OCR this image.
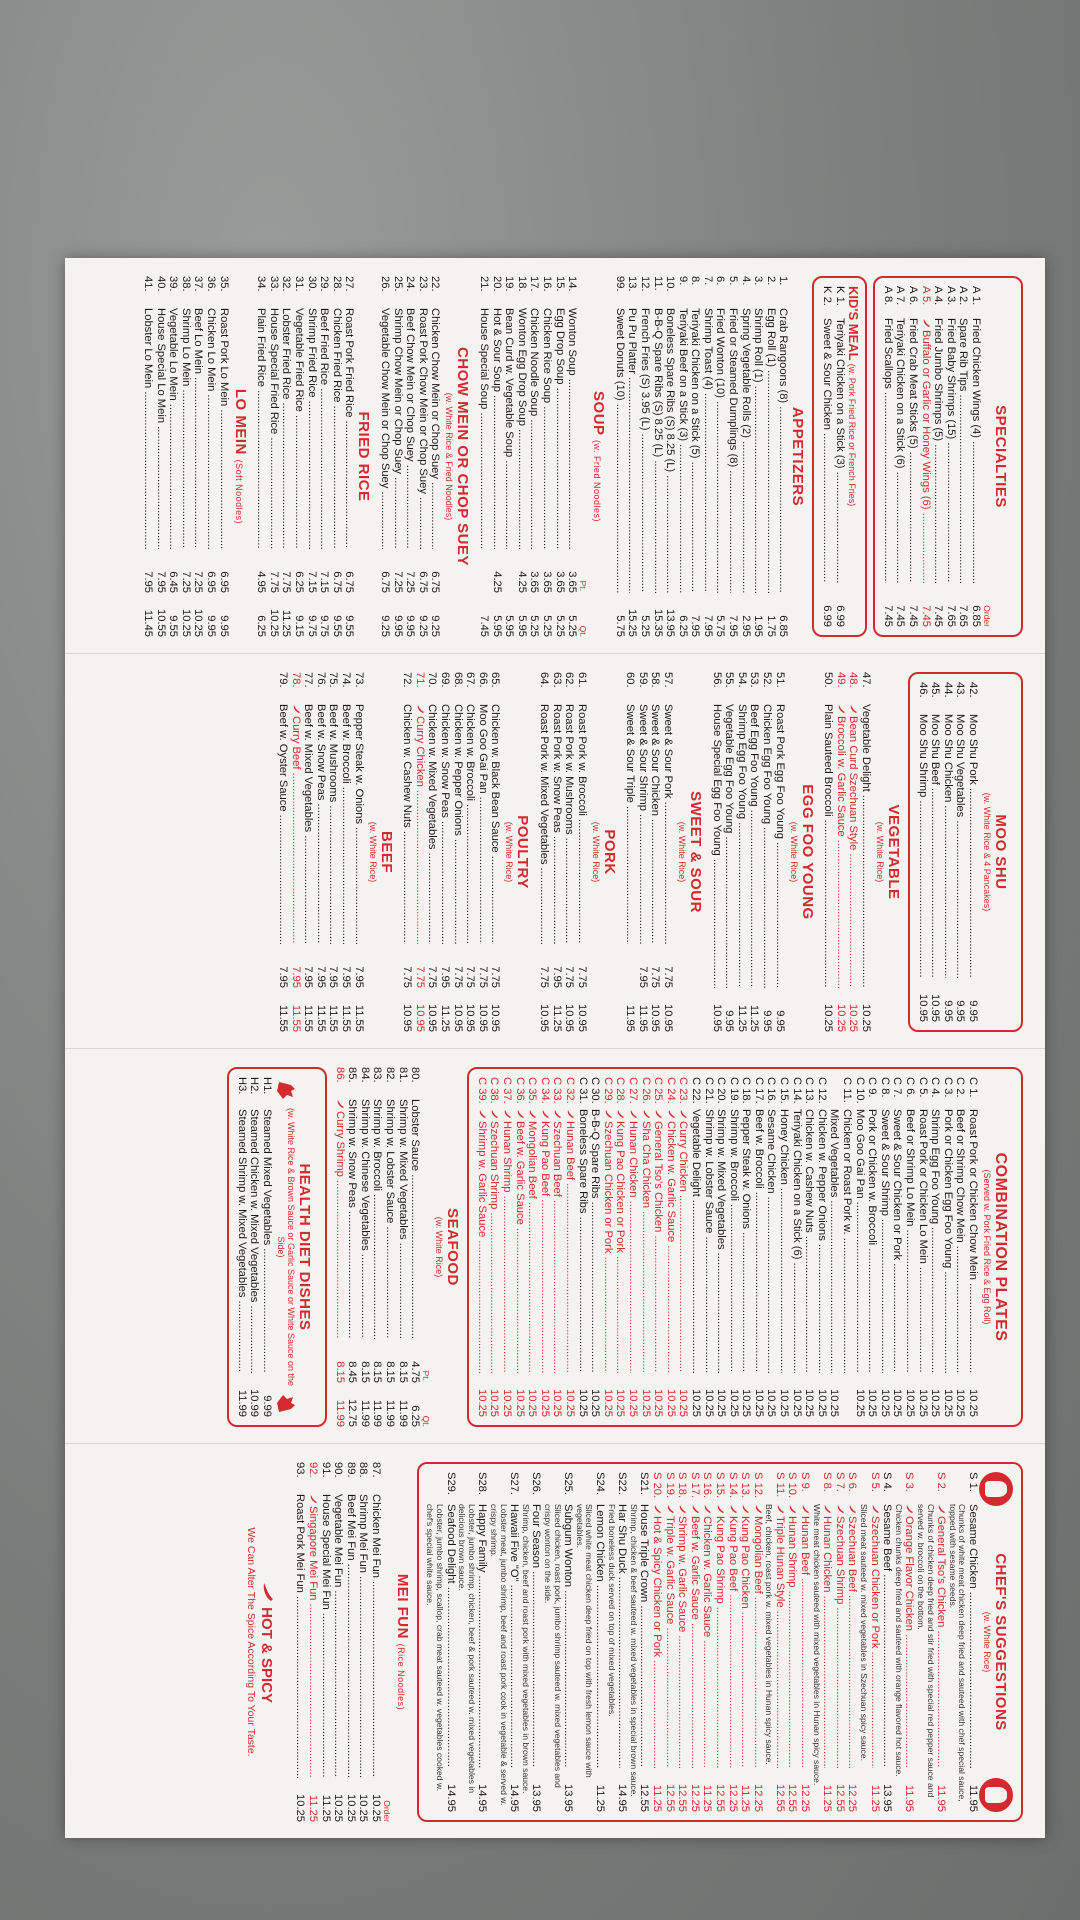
SPECIALTIES
Order
A 1.
Fried Chicken Wings (4) .....
6.85
A 2.
Spare Rib Tips .....
7.65
A 3.
Fried Baby Shrimps (15) .....
7.65
A 4.
Fried Jumbo Shrimps (5) .....
7.45
A 5.
Buffalo or Garlic or Honey Wings (6) .....
7.45
A 6.
Fried Crab Meat Sticks (5) .....
7.45
A 7.
Teriyaki Chicken on a Stick (6) .....
7.45
A 8.
Fried Scallops .....
7.45
KID'S MEAL (w. Pork Fried Rice or French Fries)
K 1.
Teriyaki Chicken on a Stick (3) .....
6.99
K 2.
Sweet & Sour Chicken .....
6.99
APPETIZERS
1.
Crab Rangoons (8) .....
6.85
2.
Egg Roll (1) .....
1.75
3.
Shrimp Roll (1) .....
1.95
4.
Spring Vegetable Rolls (2) .....
2.95
5.
Fried or Steamed Dumplings (8) .....
7.95
6.
Fried Wonton (10) .....
5.75
7.
Shrimp Toast (4) .....
7.95
8.
Teriyaki Chicken on a Stick (5) .....
7.95
9.
Teriyaki Beef on a Stick (3) .....
6.25
10.
Boneless Spare Ribs (S) 8.25 (L) .....
13.95
11.
B-B-Q Spare Ribs (S) 8.25 (L) .....
15.35
12.
French Fries (S) 3.95 (L) .....
5.25
13.
Pu Pu Platter .....
15.25
99.
Sweet Donuts (10) .....
5.75
SOUP (w. Fried Noodles)
Pt.
Qt.
14.
Wonton Soup .....
3.65
5.25
15.
Egg Drop Soup .....
3.65
5.25
16.
Chicken Rice Soup .....
3.65
5.25
17.
Chicken Noodle Soup .....
3.65
5.25
18.
Wonton Egg Drop Soup .....
4.25
5.95
19.
Bean Curd w. Vegetable Soup .....
5.95
20.
Hot & Sour Soup .....
4.25
5.95
21.
House Special Soup .....
7.45
CHOW MEIN OR CHOP SUEY
(w. White Rice & Fried Noodles)
22.
Chicken Chow Mein or Chop Suey .....
6.75
9.25
23.
Roast Pork Chow Mein or Chop Suey .....
6.75
9.25
24.
Beef Chow Mein or Chop Suey .....
7.25
9.95
25.
Shrimp Chow Mein or Chop Suey .....
7.25
9.95
26.
Vegetable Chow Mein or Chop Suey .....
6.75
9.25
FRIED RICE
27.
Roast Pork Fried Rice .....
6.75
9.55
28.
Chicken Fried Rice .....
6.75
9.55
29.
Beef Fried Rice .....
7.15
9.75
30.
Shrimp Fried Rice .....
7.15
9.75
31.
Vegetable Fried Rice .....
6.25
9.15
32.
Lobster Fried Rice .....
7.75
11.25
33.
House Special Fried Rice .....
7.75
10.25
34.
Plain Fried Rice .....
4.95
6.25
LO MEIN (Soft Noodles)
35.
Roast Pork Lo Mein .....
6.95
9.95
36.
Chicken Lo Mein .....
6.95
9.95
37.
Beef Lo Mein .....
7.25
10.25
38.
Shrimp Lo Mein .....
7.25
10.25
39.
Vegetable Lo Mein .....
6.45
9.55
40.
House Special Lo Mein .....
7.95
10.55
41.
Lobster Lo Mein .....
7.95
11.45
MOO SHU
(w. White Rice & 4 Pancakes)
42.
Moo Shu Pork .....
9.95
43.
Moo Shu Vegetables .....
9.95
44.
Moo Shu Chicken .....
9.95
45.
Moo Shu Beef .....
10.95
46.
Moo Shu Shrimp .....
10.95
VEGETABLE
(w. White Rice)
47.
Vegetable Delight .....
10.25
48.
Bean Curd Szechuan Style .....
10.25
49.
Broccoli w. Garlic Sauce .....
10.25
50.
Plain Sauteed Broccoli .....
10.25
EGG FOO YOUNG
(w. White Rice)
51.
Roast Pork Egg Foo Young .....
9.95
52.
Chicken Egg Foo Young .....
9.95
53.
Beef Egg Foo Young .....
11.25
54.
Shrimp Egg Foo Young .....
11.25
55.
Vegetable Egg Foo Young .....
9.95
56.
House Special Egg Foo Young .....
10.95
SWEET & SOUR
(w. White Rice)
57.
Sweet & Sour Pork .....
7.75
10.95
58.
Sweet & Sour Chicken .....
7.75
10.95
59.
Sweet & Sour Shrimp .....
7.95
11.95
60.
Sweet & Sour Triple .....
11.95
PORK
(w. White Rice)
61.
Roast Pork w. Broccoli .....
7.75
10.95
62.
Roast Pork w. Mushrooms .....
7.75
10.95
63.
Roast Pork w. Snow Peas .....
7.95
11.25
64.
Roast Pork w. Mixed Vegetables .....
7.75
10.95
POULTRY
(w. White Rice)
65.
Chicken w. Black Bean Sauce .....
7.75
10.95
66.
Moo Goo Gai Pan .....
7.75
10.95
67.
Chicken w. Broccoli .....
7.75
10.95
68.
Chicken w. Pepper Onions .....
7.75
10.95
69.
Chicken w. Snow Peas .....
7.95
11.25
70.
Chicken w. Mixed Vegetables .....
7.75
10.95
71.
Curry Chicken .....
7.75
10.95
72.
Chicken w. Cashew Nuts .....
7.75
10.95
BEEF
(w. White Rice)
73.
Pepper Steak w. Onions .....
7.95
11.55
74.
Beef w. Broccoli .....
7.95
11.55
75.
Beef w. Mushrooms .....
7.95
11.55
76.
Beef w. Snow Peas .....
7.95
11.55
77.
Beef w. Mixed Vegetables .....
7.95
11.55
78.
Curry Beef .....
7.95
11.55
79.
Beef w. Oyster Sauce .....
7.95
11.55
COMBINATION PLATES
(Served w. Pork Fried Rice & Egg Roll)
C 1.
Roast Pork or Chicken Chow Mein .....
10.25
C 2.
Beef or Shrimp Chow Mein .....
10.25
C 3.
Pork or Chicken Egg Foo Young .....
10.25
C 4.
Shrimp Egg Foo Young .....
10.25
C 5.
Roast Pork or Chicken Lo Mein .....
10.25
C 6.
Beef or Shrimp Lo Mein .....
10.25
C 7.
Sweet & Sour Chicken or Pork .....
10.25
C 8.
Sweet & Sour Shrimp .....
10.25
C 9.
Pork or Chicken w. Broccoli .....
10.25
C 10.
Moo Goo Gai Pan .....
10.25
C 11.
Chicken or Roast Pork w. .....
Mixed Vegetables .....
10.25
C 12.
Chicken w. Pepper Onions .....
10.25
C 13.
Chicken w. Cashew Nuts .....
10.25
C 14.
Teriyaki Chicken on a Stick (6) .....
10.25
C 15.
Honey Chicken .....
10.25
C 16.
Sesame Chicken .....
10.25
C 17.
Beef w. Broccoli .....
10.25
C 18.
Pepper Steak w. Onions .....
10.25
C 19.
Shrimp w. Broccoli .....
10.25
C 20.
Shrimp w. Mixed Vegetables .....
10.25
C 21.
Shrimp w. Lobster Sauce .....
10.25
C 22.
Vegetable Delight .....
10.25
C 23.
Curry Chicken .....
10.25
C 24.
Chicken w. Garlic Sauce .....
10.25
C 25.
General Tso's Chicken .....
10.25
C 26.
Sha Cha Chicken .....
10.25
C 27.
Hunan Chicken .....
10.25
C 28.
Kung Pao Chicken or Pork .....
10.25
C 29.
Szechuan Chicken or Pork .....
10.25
C 30.
B-B-Q Spare Ribs .....
10.25
C 31.
Boneless Spare Ribs .....
10.25
C 32.
Hunan Beef .....
10.25
C 33.
Szechuan Beef .....
10.25
C 34.
Kung Pao Beef .....
10.25
C 35.
Mongolian Beef .....
10.25
C 36.
Beef w. Garlic Sauce .....
10.25
C 37.
Hunan Shrimp .....
10.25
C 38.
Szechuan Shrimp .....
10.25
C 39.
Shrimp w. Garlic Sauce .....
10.25
SEAFOOD
(w. White Rice)
Pt.
Qt.
80.
Lobster Sauce .....
4.75
6.25
81.
Shrimp w. Mixed Vegetables .....
8.15
11.99
82.
Shrimp w. Lobster Sauce .....
8.15
11.99
83.
Shrimp w. Broccoli .....
8.15
11.99
84.
Shrimp w. Chinese Vegetables .....
8.15
11.99
85.
Shrimp w. Snow Peas .....
8.45
12.75
86.
Curry Shrimp .....
8.15
11.99
HEALTH DIET DISHES
(w. White Rice & Brown Sauce or Garlic Sauce or White Sauce on the Side)
H1.
Steamed Mixed Vegetables .....
9.99
H2.
Steamed Chicken w. Mixed Vegetables .....
10.99
H3.
Steamed Shrimp w. Mixed Vegetables .....
11.99
CHEF'S SUGGESTIONS
(w. White Rice)
S 1.
Sesame Chicken .....
11.95
Chunks of white meat chicken deep fried and sauteed with chef special sauce, topped with sesame seeds.
S 2.
General Tso's Chicken .....
11.95
Chunks of chicken deep fried and stir fried with special red pepper sauce and served w. broccoli on the bottom.
S 3.
Orange Flavor Chicken .....
11.95
Chicken chunks deep fried and sauteed with orange flavored hot sauce.
S 4.
Sesame Beef .....
13.95
S 5.
Szechuan Chicken or Pork .....
11.25
Sliced meat sauteed w. mixed vegetables in Szechuan spicy sauce.
S 6.
Szechuan Beef .....
12.25
S 7.
Szechuan Shrimp .....
12.55
S 8.
Hunan Chicken .....
11.25
White meat chicken sauteed with mixed vegetables in Hunan spicy sauce.
S 9.
Hunan Beef .....
12.25
S 10.
Hunan Shrimp .....
12.55
S 11.
Triple Hunan Style .....
12.55
Beef, chicken, roast pork w. mixed vegetables in Hunan spicy sauce.
S 12.
Mongolian Beef .....
12.25
S 13.
Kung Pao Chicken .....
11.25
S 14.
Kung Pao Beef .....
12.25
S 15.
Kung Pao Shrimp .....
12.55
S 16.
Chicken w. Garlic Sauce .....
11.25
S 17.
Beef w. Garlic Sauce .....
12.25
S 18.
Shrimp w. Garlic Sauce .....
12.55
S 19.
Triple w. Garlic Sauce .....
12.55
S 20.
Hot & Spicy Chicken or Pork .....
11.25
S21.
House Triple Crown .....
12.55
Shrimp, chicken & beef sauteed w. mixed vegetables in special brown sauce.
S22.
Har Shu Duck .....
14.95
Fried boneless duck served on top of mixed vegetables.
S24.
Lemon Chicken .....
11.25
Sliced white meat chicken deep fried on top with fresh lemon sauce with vegetables.
S25.
Subgum Wonton .....
13.95
Sliced chicken, roast pork, jumbo shrimp sauteed w. mixed vegetables and crispy wonton on the side.
S26.
Four Season .....
13.95
Shrimp, chicken, beef and roast pork with mixed vegetables in brown sauce.
S27.
Hawaii Five "O" .....
14.95
Lobster meat, jumbo shrimp, beef and roast pork cook in vegetable & served w. crispy shrimp.
S28.
Happy Family .....
14.95
Lobster, jumbo shrimp, chicken, beef & pork sauteed w. mixed vegetables in delicious brown sauce.
S29.
Seafood Delight .....
14.95
Lobster, jumbo shrimp, scallop, crab meat sauteed w. vegetables cooked w. chef's special white sauce.
MEI FUN (Rice Noodles)
Order
87.
Chicken Mei Fun .....
10.25
88.
Shrimp Mei Fun .....
10.25
89.
Beef Mei Fun .....
10.25
90.
Vegetable Mei Fun .....
10.25
91.
House Special Mei Fun .....
11.25
92.
Singapore Mei Fun .....
11.25
93.
Roast Pork Mei Fun .....
10.25
HOT & SPICY
We Can Alter The Spice According To Your Taste.
